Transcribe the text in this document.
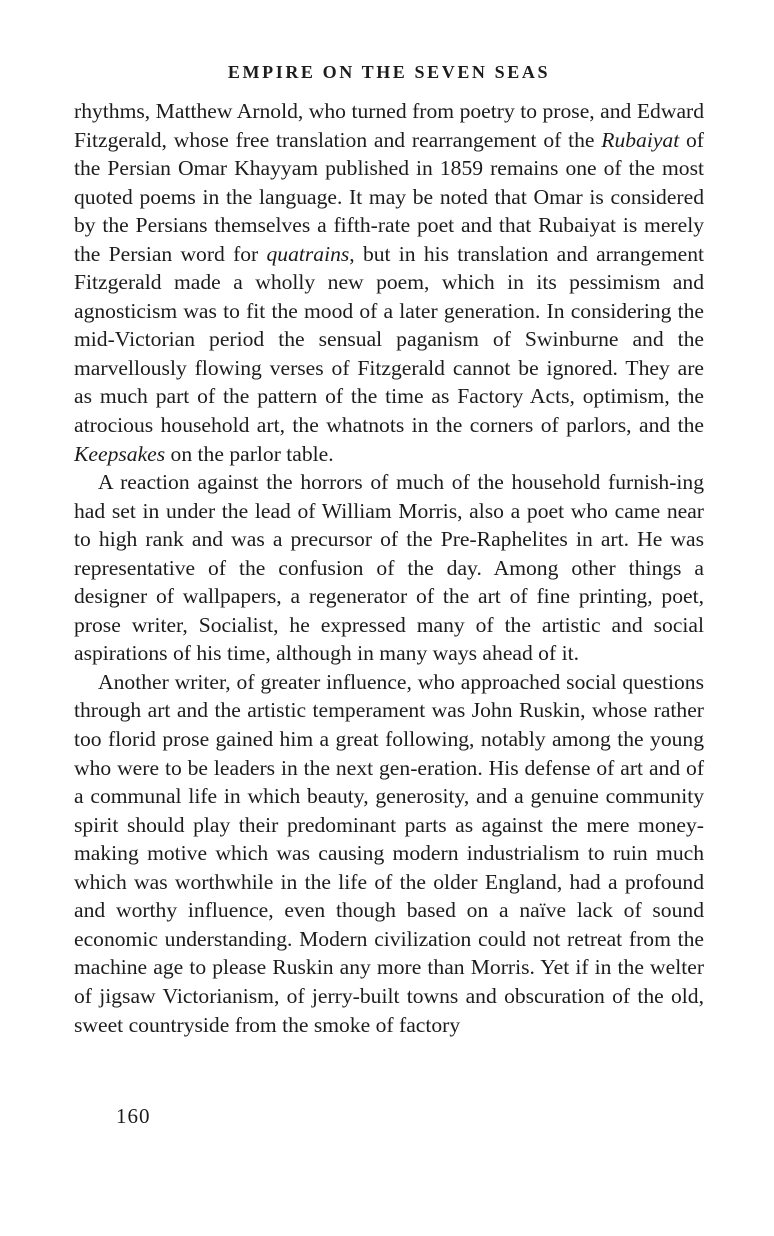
EMPIRE ON THE SEVEN SEAS

rhythms, Matthew Arnold, who turned from poetry to prose, and Edward Fitzgerald, whose free translation and rearrangement of the Rubaiyat of the Persian Omar Khayyam published in 1859 remains one of the most quoted poems in the language. It may be noted that Omar is considered by the Persians themselves a fifth-rate poet and that Rubaiyat is merely the Persian word for quatrains, but in his translation and arrangement Fitzgerald made a wholly new poem, which in its pessimism and agnosticism was to fit the mood of a later generation. In considering the mid-Victorian period the sensual paganism of Swinburne and the marvellously flowing verses of Fitzgerald cannot be ignored. They are as much part of the pattern of the time as Factory Acts, optimism, the atrocious household art, the whatnots in the corners of parlors, and the Keepsakes on the parlor table.

A reaction against the horrors of much of the household furnish-ing had set in under the lead of William Morris, also a poet who came near to high rank and was a precursor of the Pre-Raphelites in art. He was representative of the confusion of the day. Among other things a designer of wallpapers, a regenerator of the art of fine printing, poet, prose writer, Socialist, he expressed many of the artistic and social aspirations of his time, although in many ways ahead of it.

Another writer, of greater influence, who approached social questions through art and the artistic temperament was John Ruskin, whose rather too florid prose gained him a great following, notably among the young who were to be leaders in the next gen-eration. His defense of art and of a communal life in which beauty, generosity, and a genuine community spirit should play their predominant parts as against the mere money-making motive which was causing modern industrialism to ruin much which was worthwhile in the life of the older England, had a profound and worthy influence, even though based on a naïve lack of sound economic understanding. Modern civilization could not retreat from the machine age to please Ruskin any more than Morris. Yet if in the welter of jigsaw Victorianism, of jerry-built towns and obscuration of the old, sweet countryside from the smoke of factory

160
